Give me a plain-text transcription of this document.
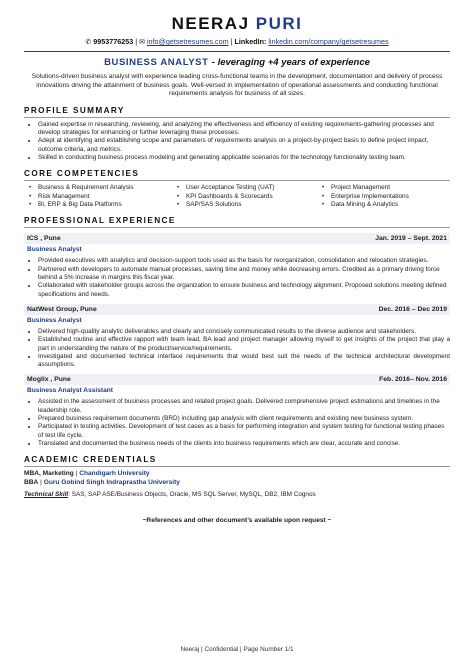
NEERAJ PURI
✆ 9953776253 | ✉ info@getsetresumes.com | LinkedIn: linkedin.com/company/getsetresumes
BUSINESS ANALYST - leveraging +4 years of experience
Solutions-driven business analyst with experience leading cross-functional teams in the development, documentation and delivery of process innovations driving the attainment of business goals. Well-versed in implementation of operational assessments and conducting functional requirements analysis for business of all sizes.
PROFILE SUMMARY
• Gained expertise in researching, reviewing, and analyzing the effectiveness and efficiency of existing requirements-gathering processes and develop strategies for enhancing or further leveraging these processes.
• Adept at identifying and establishing scope and parameters of requirements analysis on a project-by-project basis to define project impact, outcome criteria, and metrics.
• Skilled in conducting business process modeling and generating applicable scenarios for the technology functionality testing team.
CORE COMPETENCIES
• Business & Requirement Analysis	• User Acceptance Testing (UAT)	• Project Management
• Risk Management	• KPI Dashboards & Scorecards	• Enterprise Implementations
• BI, ERP & Big Data Platforms	• SAP/SAS Solutions	• Data Mining & Analytics
PROFESSIONAL EXPERIENCE
ICS , Pune	Jan. 2019 – Sept. 2021
Business Analyst
• Provided executives with analytics and decision-support tools used as the basis for reorganization, consolidation and relocation strategies.
• Partnered with developers to automate manual processes, saving time and money while decreasing errors. Credited as a primary driving force behind a 5% increase in margins this fiscal year.
• Collaborated with stakeholder groups across the organization to ensure business and technology alignment. Proposed solutions meeting defined specifications and needs.
NatWest Group, Pune	Dec. 2016 – Dec 2019
Business Analyst
• Delivered high-quality analytic deliverables and clearly and concisely communicated results to the diverse audience and stakeholders.
• Established routine and effective rapport with team lead, BA lead and project manager allowing myself to get insights of the project that play a part in understanding the nature of the product/service/requirements.
• Investigated and documented technical interface requirements that would best suit the needs of the technical architectural development assumptions.
Moglix , Pune	Feb. 2016– Nov. 2016
Business Analyst Assistant
• Assisted in the assessment of business processes and related project goals. Delivered comprehensive project estimations and timelines in the leadership role.
• Prepared business requirement documents (BRD) including gap analysis with client requirements and existing new business system.
• Participated in testing activities. Development of test cases as a basis for performing integration and system testing for functional testing phases of test life cycle.
• Translated and documented the business needs of the clients into business requirements which are clear, accurate and concise.
ACADEMIC CREDENTIALS
MBA, Marketing | Chandigarh University
BBA | Guru Gobind Singh Indraprastha University
Technical Skill: SAS, SAP ASE/Business Objects, Oracle, MS SQL Server, MySQL, DB2, IBM Cognos
~References and other document’s available upon request ~
Neeraj | Confidential | Page Number 1/1
